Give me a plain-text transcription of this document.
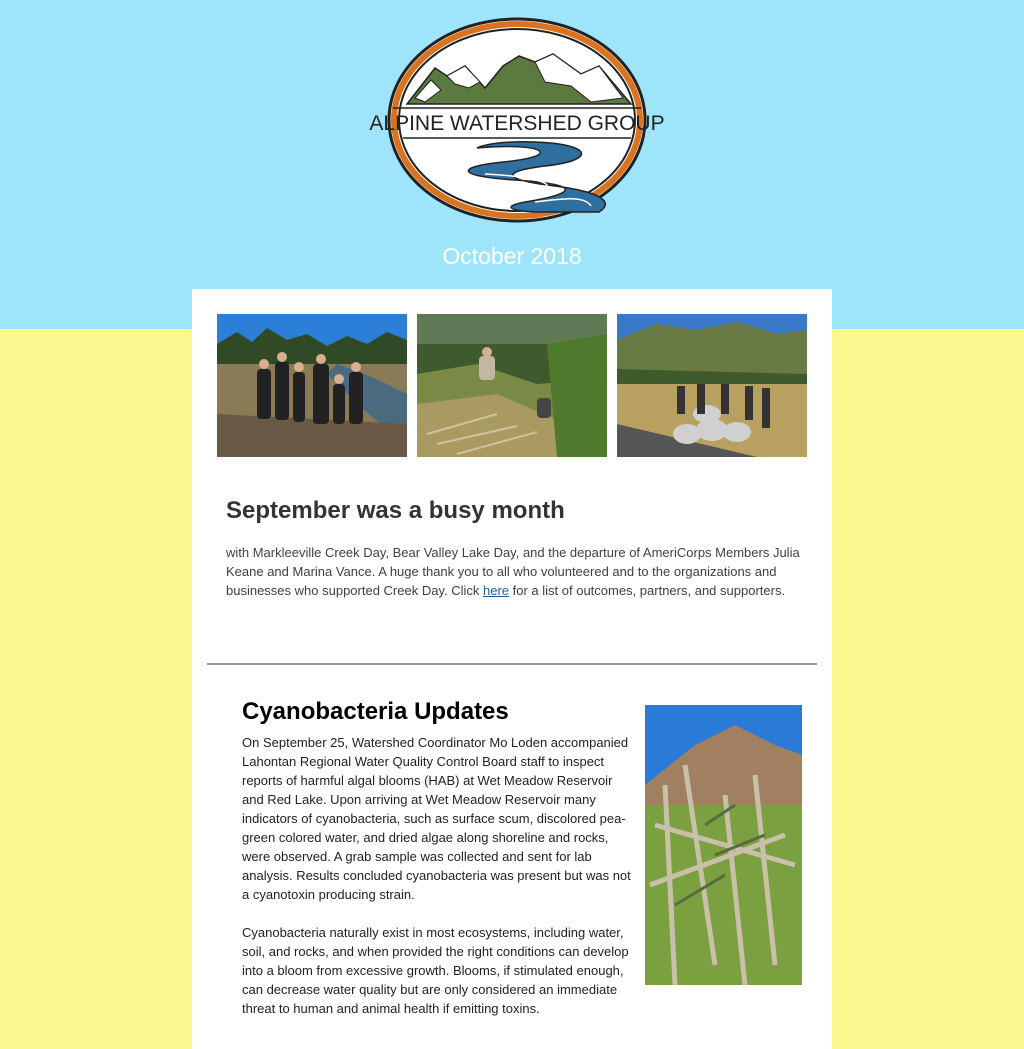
ALPINE WATERSHED GROUP
October 2018
September was a busy month

with Markleeville Creek Day, Bear Valley Lake Day, and the departure of AmeriCorps Members Julia Keane and Marina Vance. A huge thank you to all who volunteered and to the organizations and businesses who supported Creek Day. Click here for a list of outcomes, partners, and supporters.

Cyanobacteria Updates

On September 25, Watershed Coordinator Mo Loden accompanied Lahontan Regional Water Quality Control Board staff to inspect reports of harmful algal blooms (HAB) at Wet Meadow Reservoir and Red Lake. Upon arriving at Wet Meadow Reservoir many indicators of cyanobacteria, such as surface scum, discolored pea-green colored water, and dried algae along shoreline and rocks, were observed. A grab sample was collected and sent for lab analysis. Results concluded cyanobacteria was present but was not a cyanotoxin producing strain.

Cyanobacteria naturally exist in most ecosystems, including water, soil, and rocks, and when provided the right conditions can develop into a bloom from excessive growth. Blooms, if stimulated enough, can decrease water quality but are only considered an immediate threat to human and animal health if emitting toxins.
